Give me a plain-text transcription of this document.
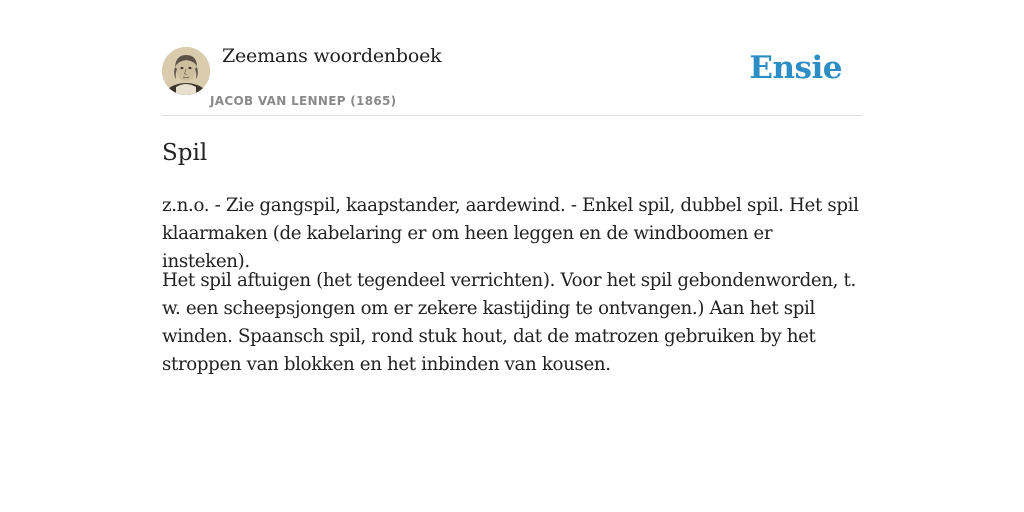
Zeemans woordenboek
JACOB VAN LENNEP (1865)
Ensie
Spil

z.n.o. - Zie gangspil, kaapstander, aardewind. - Enkel spil, dubbel spil. Het spil klaarmaken (de kabelaring er om heen leggen en de windboomen er insteken).

Het spil aftuigen (het tegendeel verrichten). Voor het spil gebondenworden, t. w. een scheepsjongen om er zekere kastijding te ontvangen.) Aan het spil winden. Spaansch spil, rond stuk hout, dat de matrozen gebruiken by het stroppen van blokken en het inbinden van kousen.
